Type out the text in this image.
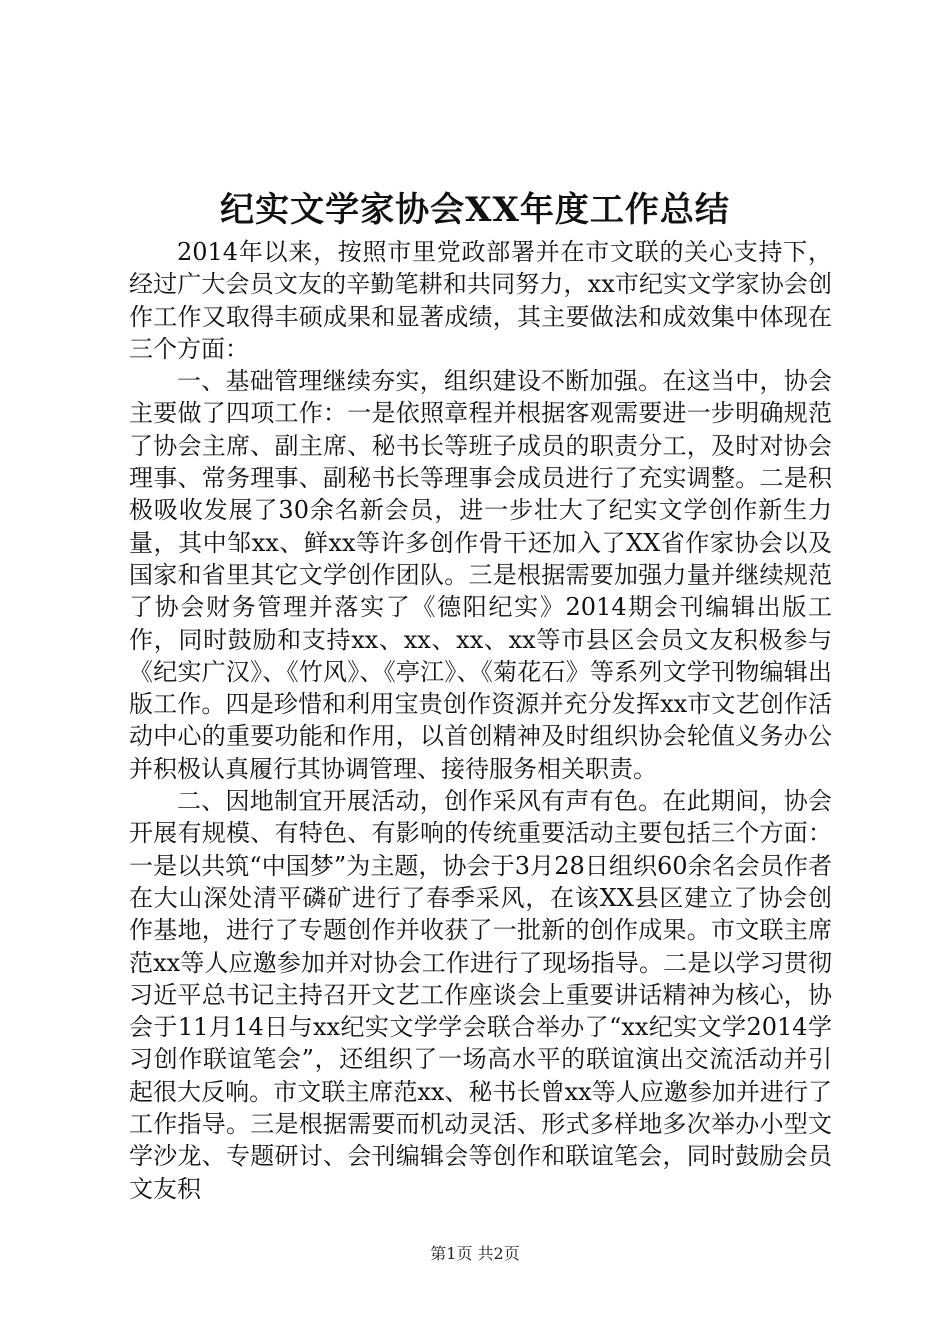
纪实文学家协会XX年度工作总结

2014年以来，按照市里党政部署并在市文联的关心支持下，经过广大会员文友的辛勤笔耕和共同努力，xx市纪实文学家协会创作工作又取得丰硕成果和显著成绩，其主要做法和成效集中体现在三个方面：

一、基础管理继续夯实，组织建设不断加强。在这当中，协会主要做了四项工作：一是依照章程并根据客观需要进一步明确规范了协会主席、副主席、秘书长等班子成员的职责分工，及时对协会理事、常务理事、副秘书长等理事会成员进行了充实调整。二是积极吸收发展了30余名新会员，进一步壮大了纪实文学创作新生力量，其中邹xx、鲜xx等许多创作骨干还加入了XX省作家协会以及国家和省里其它文学创作团队。三是根据需要加强力量并继续规范了协会财务管理并落实了《德阳纪实》2014期会刊编辑出版工作，同时鼓励和支持xx、xx、xx、xx等市县区会员文友积极参与《纪实广汉》、《竹风》、《亭江》、《菊花石》等系列文学刊物编辑出版工作。四是珍惜和利用宝贵创作资源并充分发挥xx市文艺创作活动中心的重要功能和作用，以首创精神及时组织协会轮值义务办公并积极认真履行其协调管理、接待服务相关职责。

二、因地制宜开展活动，创作采风有声有色。在此期间，协会开展有规模、有特色、有影响的传统重要活动主要包括三个方面：一是以共筑“中国梦”为主题，协会于3月28日组织60余名会员作者在大山深处清平磷矿进行了春季采风，在该XX县区建立了协会创作基地，进行了专题创作并收获了一批新的创作成果。市文联主席范xx等人应邀参加并对协会工作进行了现场指导。二是以学习贯彻习近平总书记主持召开文艺工作座谈会上重要讲话精神为核心，协会于11月14日与xx纪实文学学会联合举办了“xx纪实文学2014学习创作联谊笔会”，还组织了一场高水平的联谊演出交流活动并引起很大反响。市文联主席范xx、秘书长曾xx等人应邀参加并进行了工作指导。三是根据需要而机动灵活、形式多样地多次举办小型文学沙龙、专题研讨、会刊编辑会等创作和联谊笔会，同时鼓励会员文友积

第1页 共2页
